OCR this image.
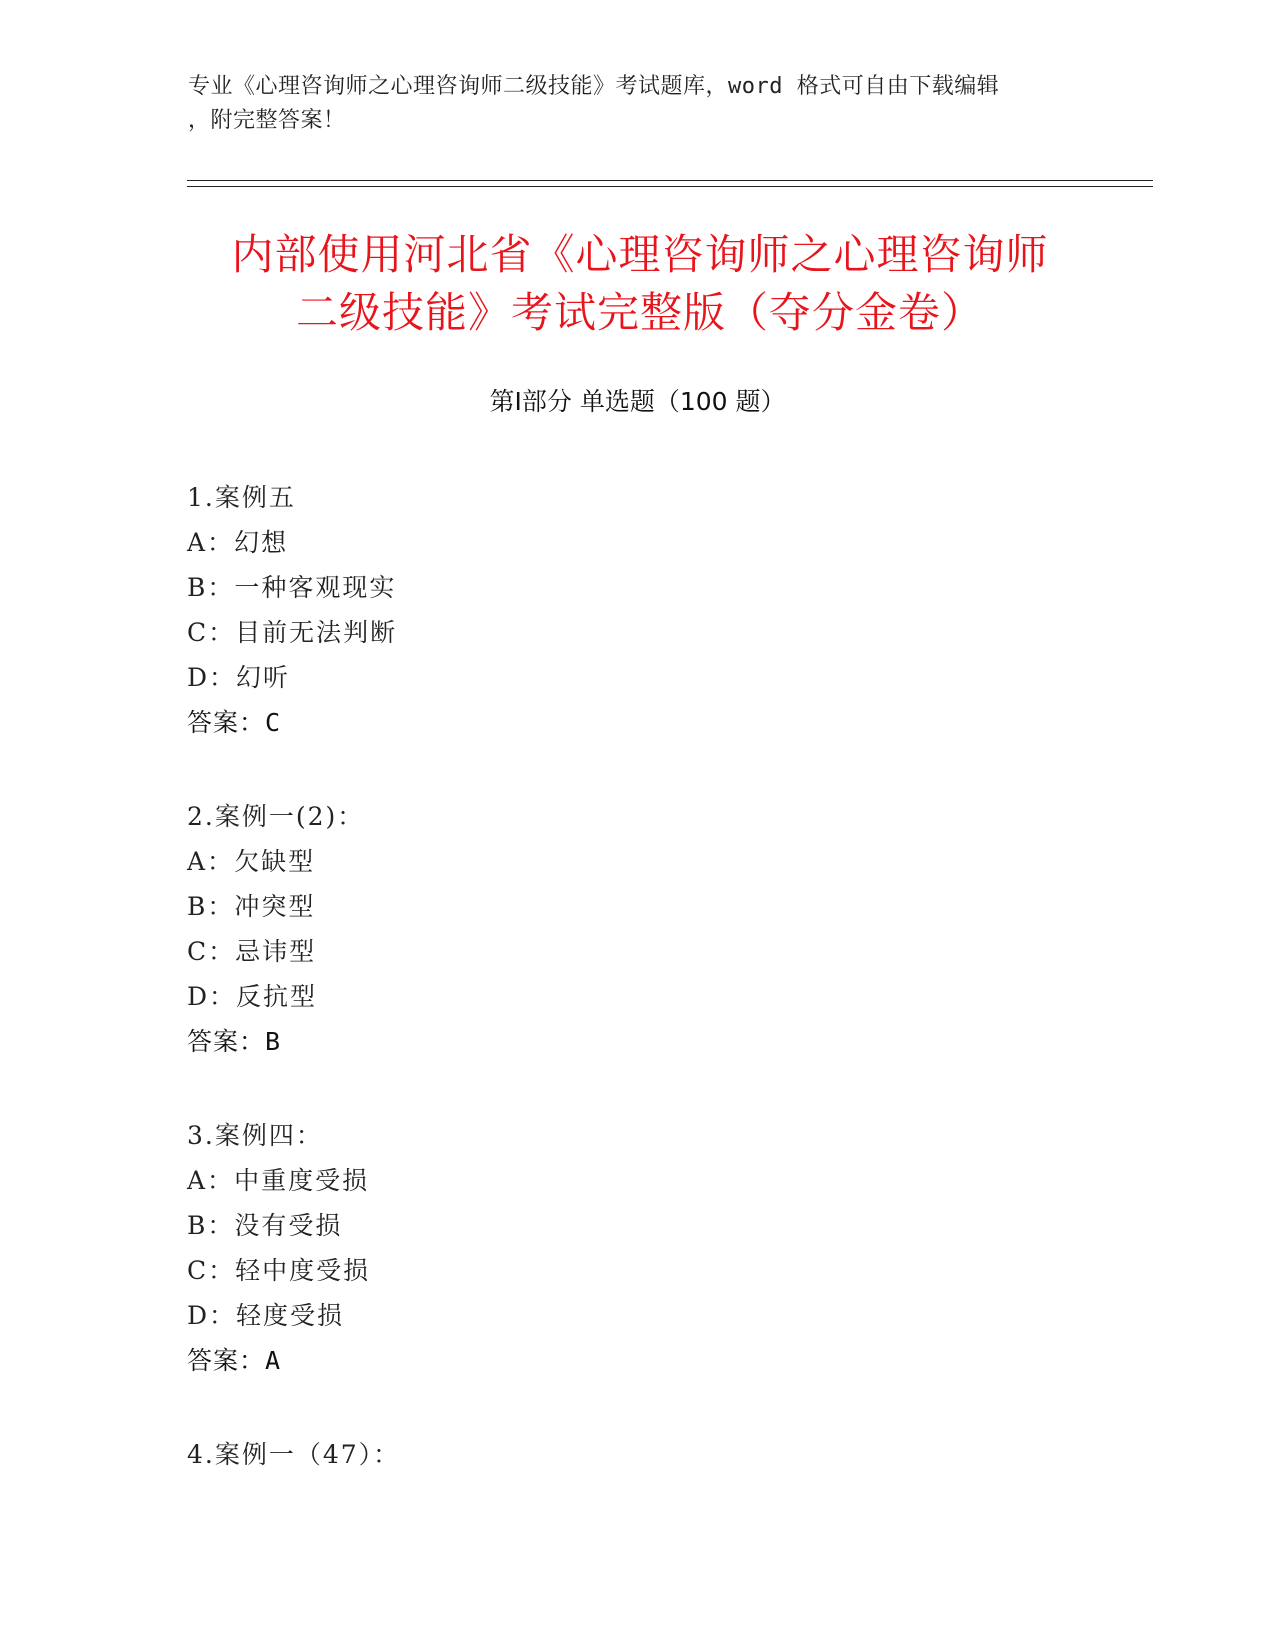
专业《心理咨询师之心理咨询师二级技能》考试题库，word 格式可自由下载编辑
，附完整答案！
内部使用河北省《心理咨询师之心理咨询师
二级技能》考试完整版（夺分金卷）
第Ⅰ部分 单选题（100 题）
1.案例五
A：幻想
B：一种客观现实
C：目前无法判断
D：幻听
答案：C
2.案例一(2)：
A：欠缺型
B：冲突型
C：忌讳型
D：反抗型
答案：B
3.案例四：
A：中重度受损
B：没有受损
C：轻中度受损
D：轻度受损
答案：A
4.案例一（47）：
